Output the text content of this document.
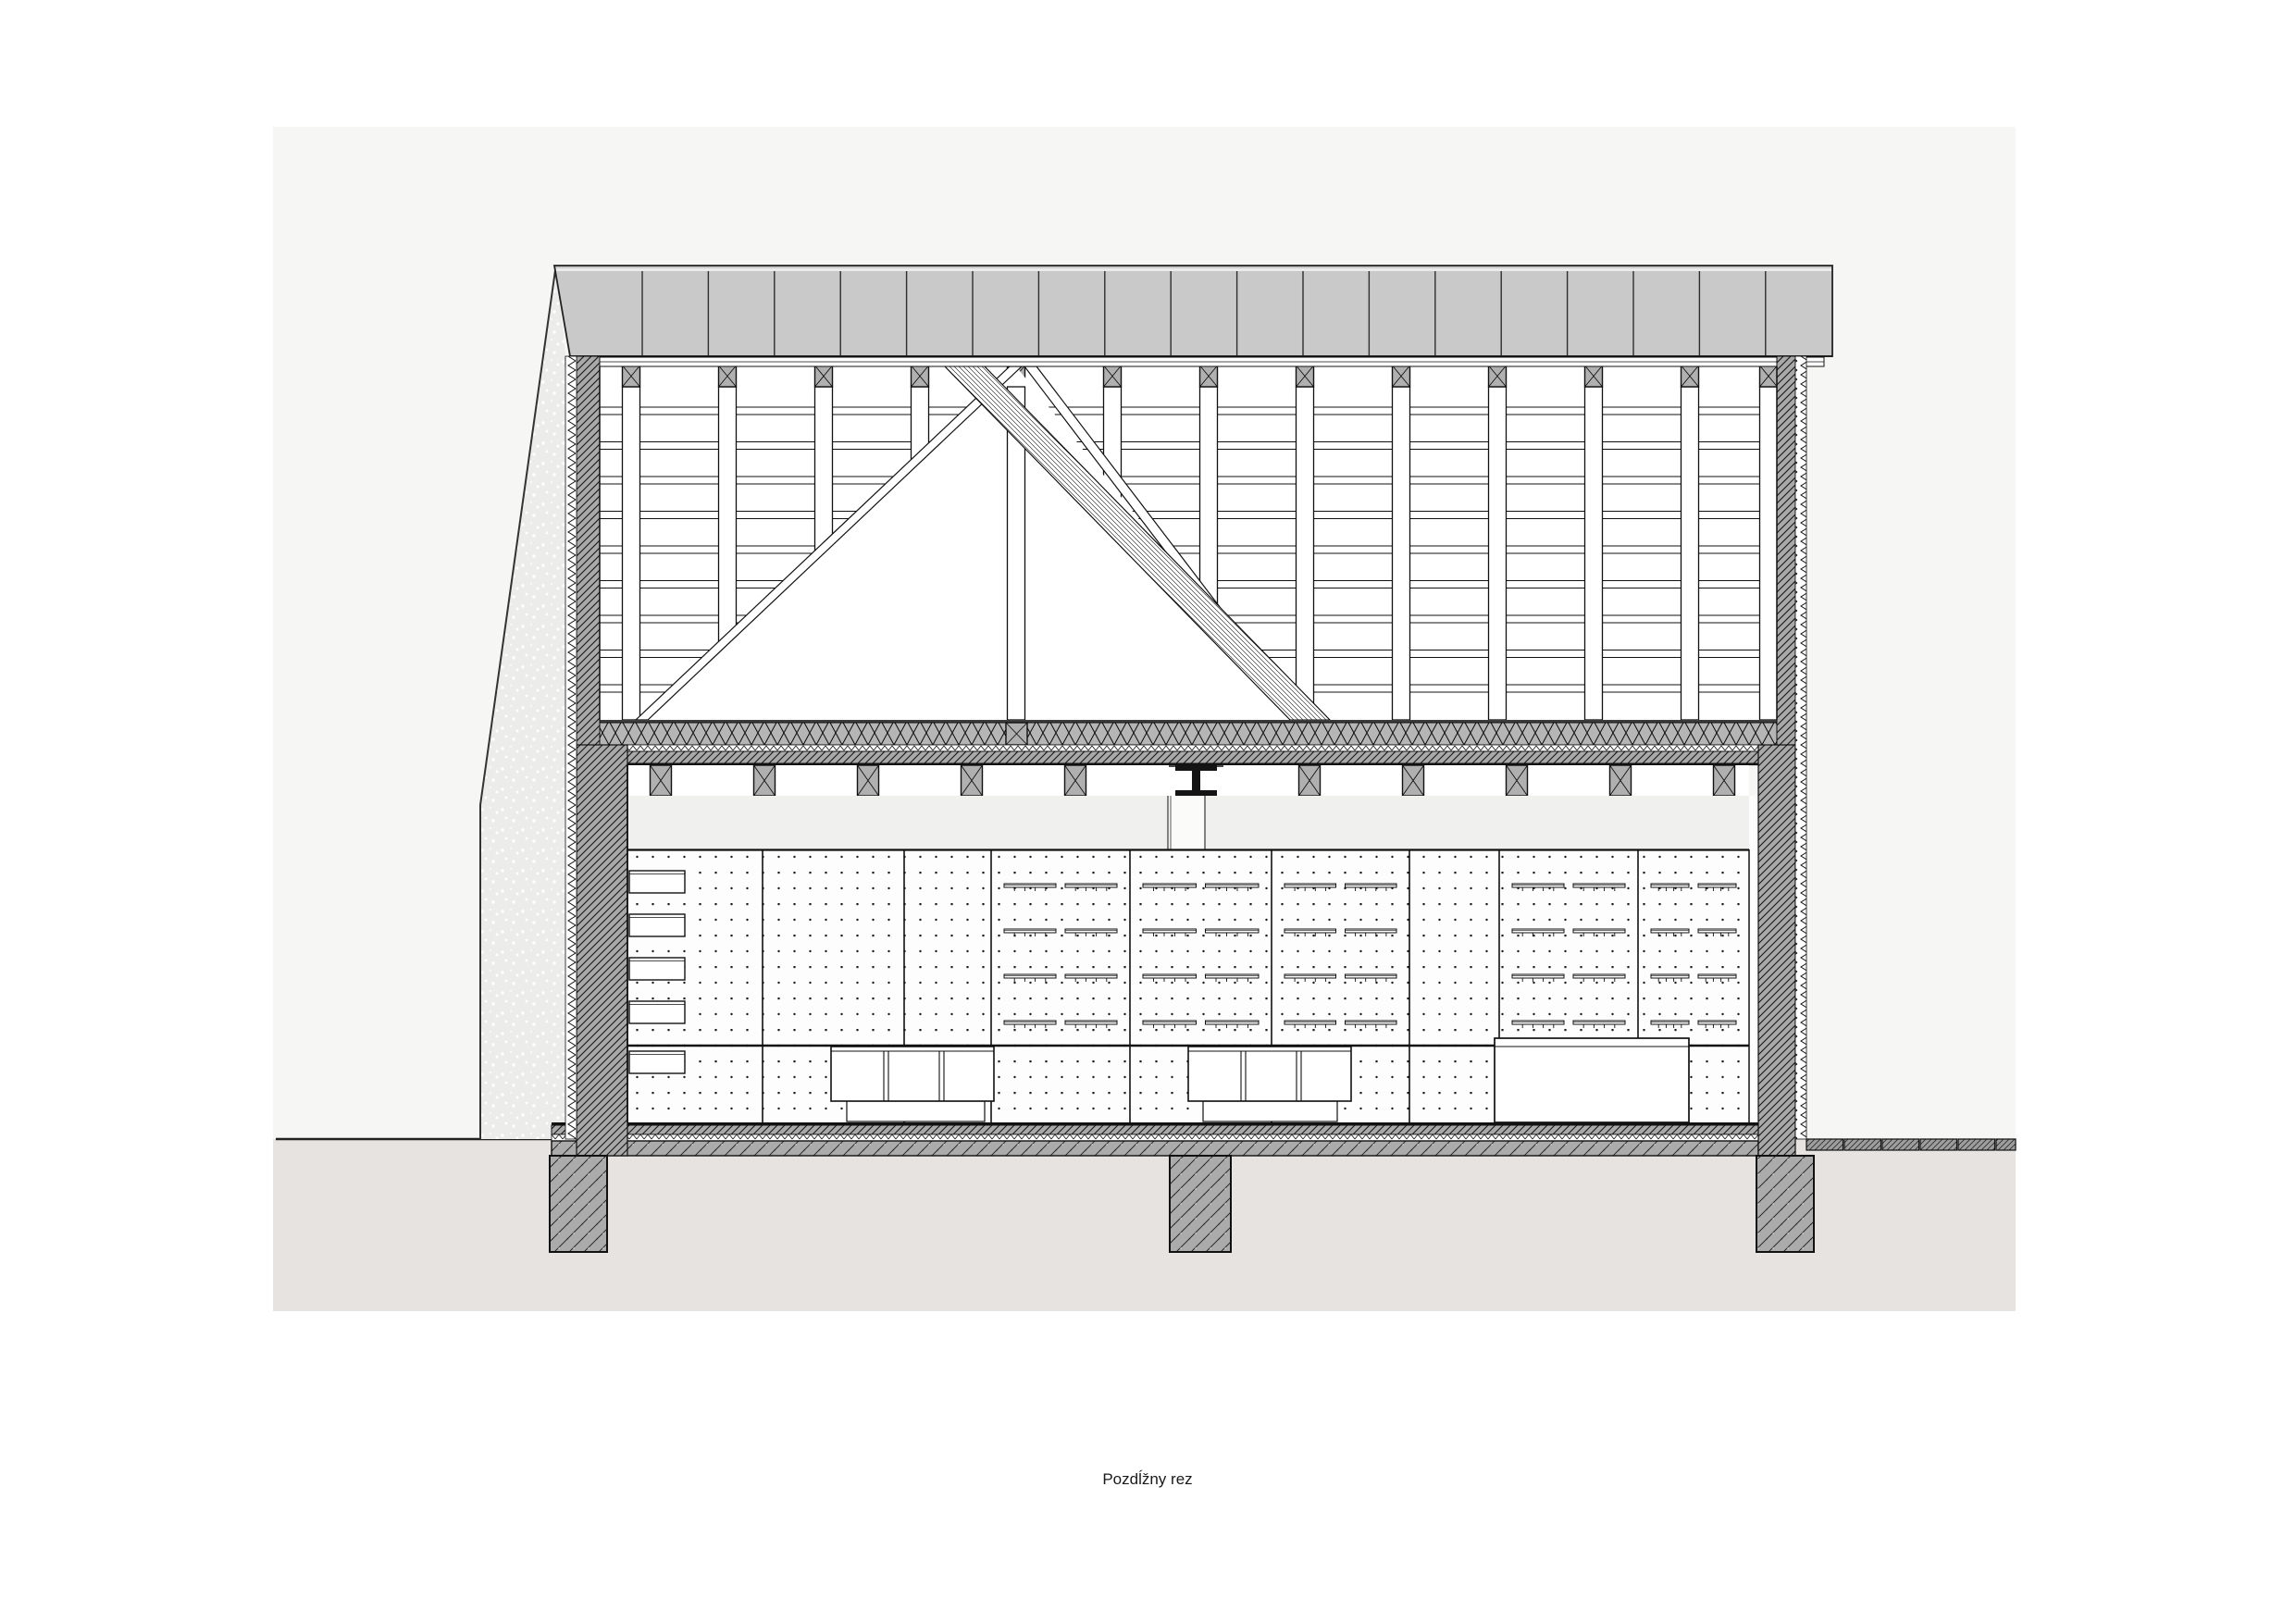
Pozdĺžny rez
